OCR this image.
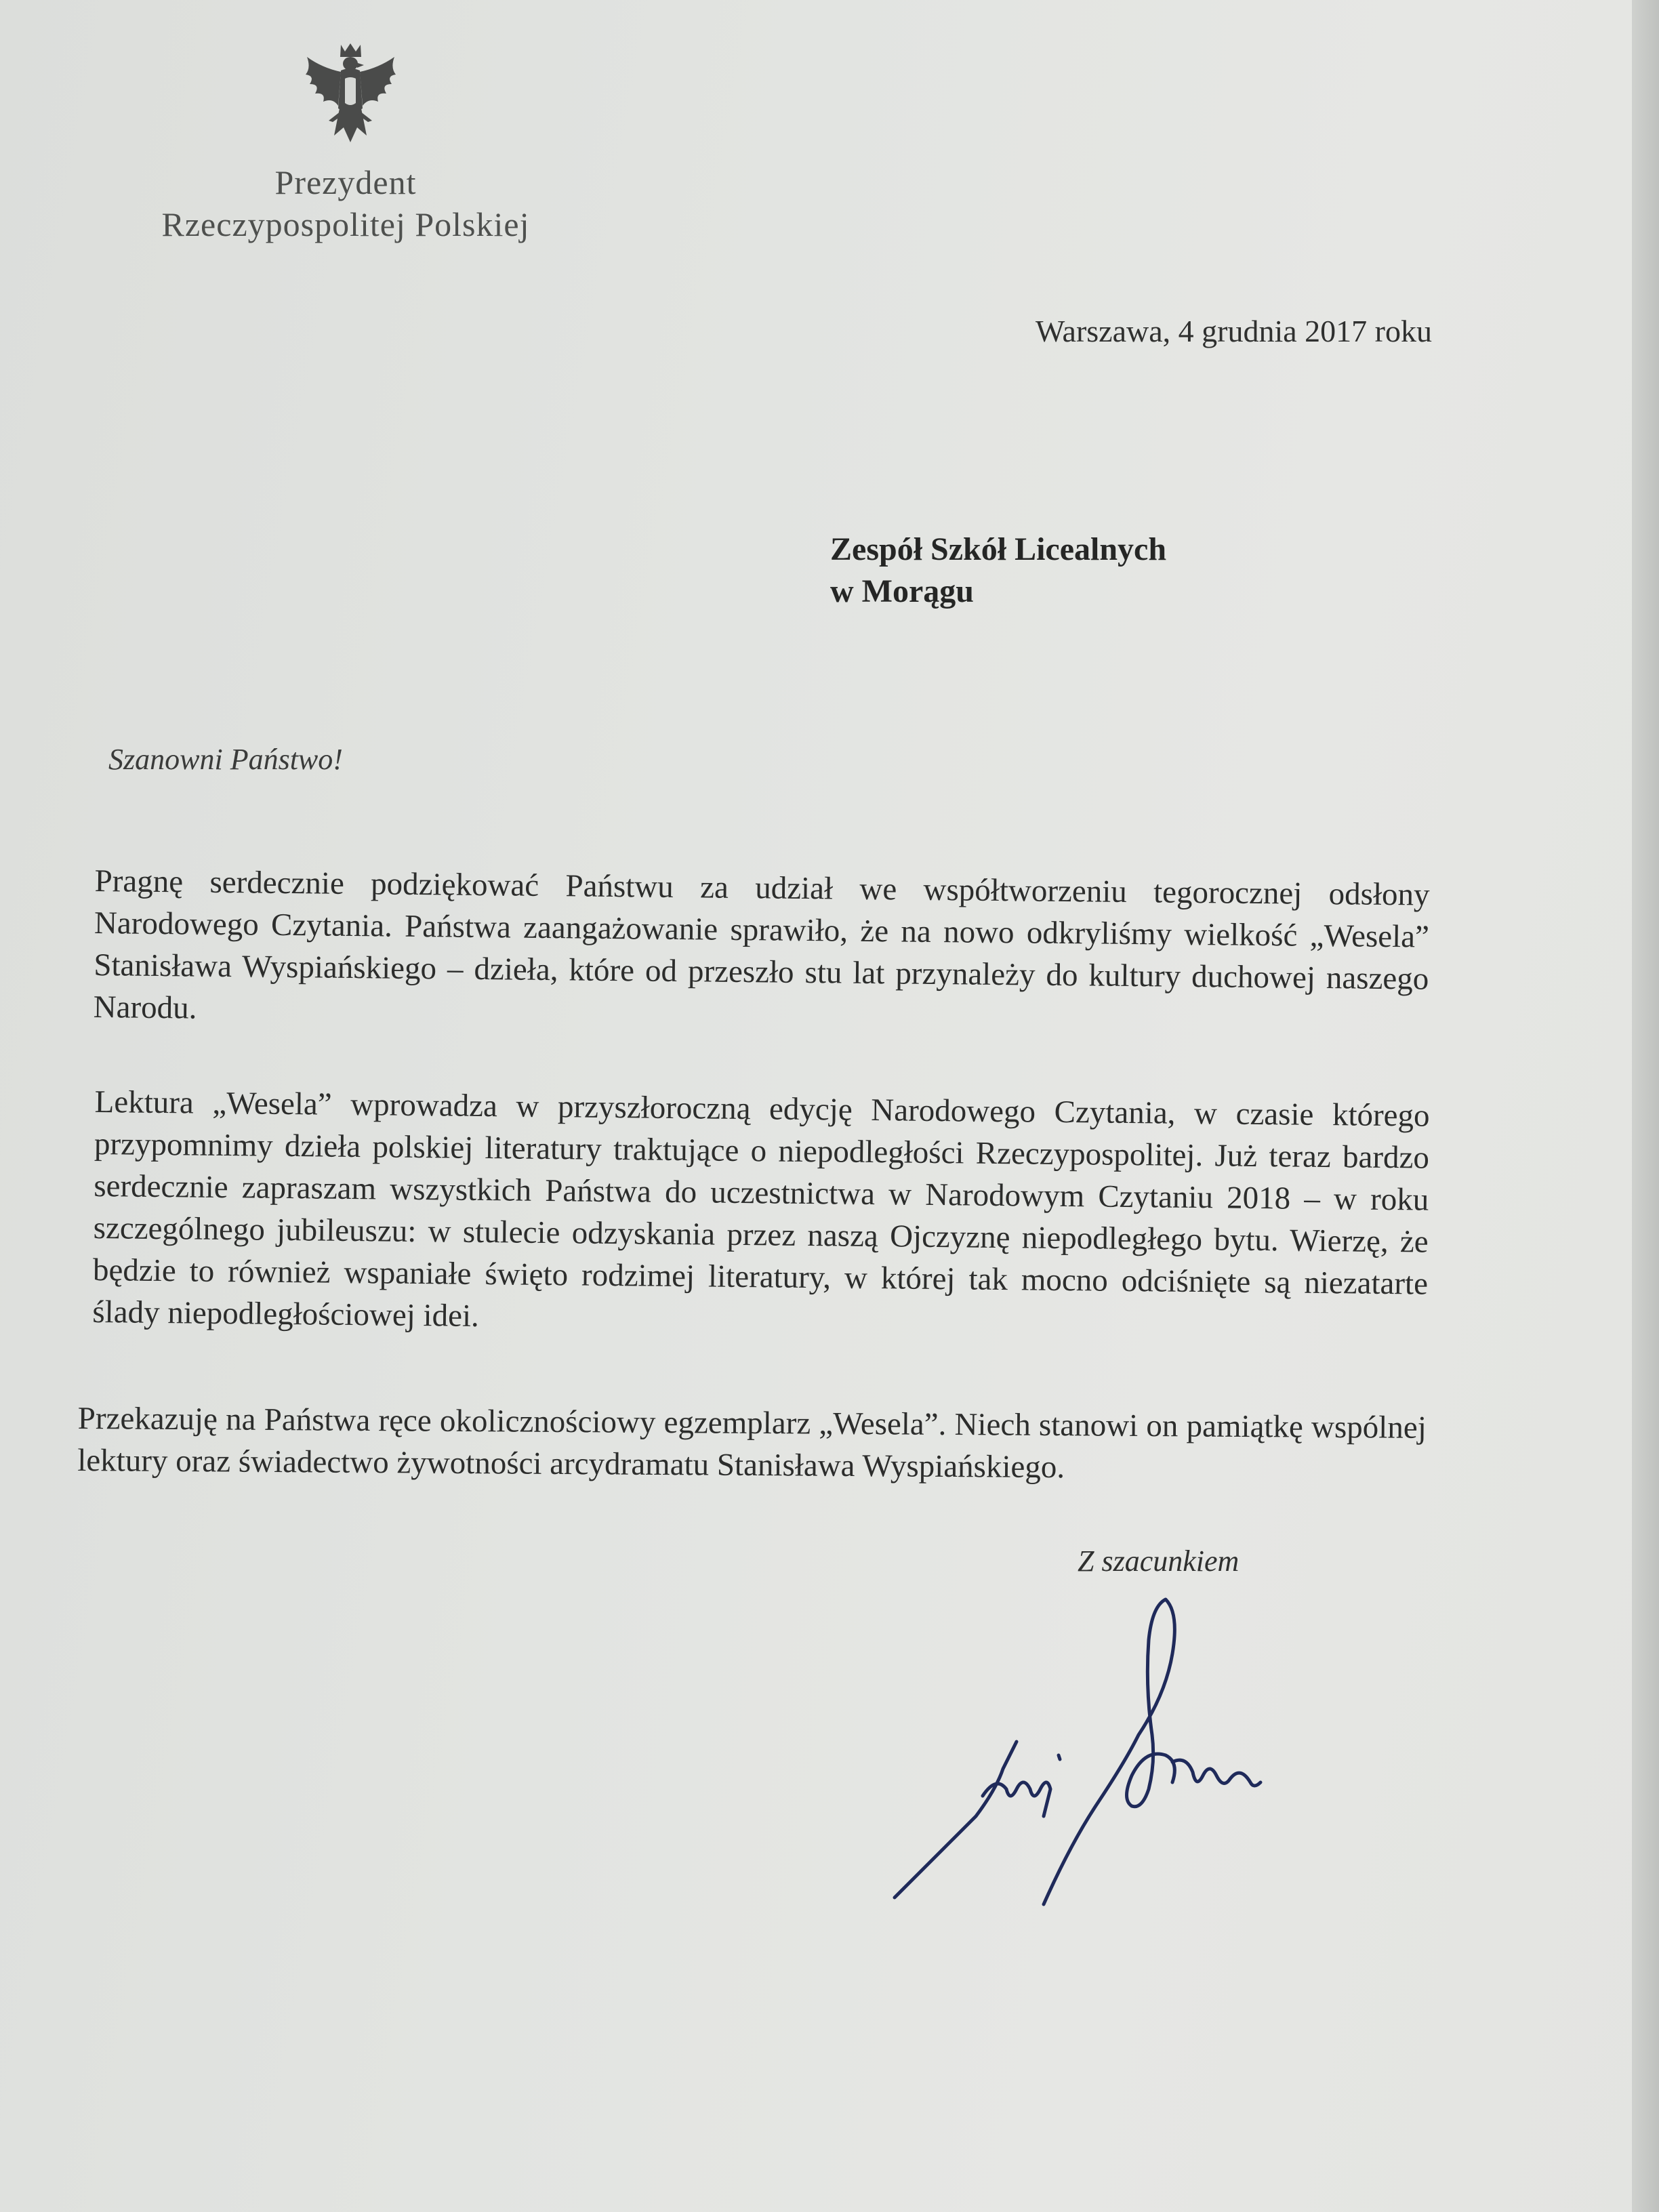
Prezydent
Rzeczypospolitej Polskiej
Warszawa, 4 grudnia 2017 roku
Zespół Szkół Licealnych
w Morągu
Szanowni Państwo!

Pragnę serdecznie podziękować Państwu za udział we współtworzeniu tegorocznej odsłony Narodowego Czytania. Państwa zaangażowanie sprawiło, że na nowo odkryliśmy wielkość „Wesela” Stanisława Wyspiańskiego – dzieła, które od przeszło stu lat przynależy do kultury duchowej naszego Narodu.

Lektura „Wesela” wprowadza w przyszłoroczną edycję Narodowego Czytania, w czasie którego przypomnimy dzieła polskiej literatury traktujące o niepodległości Rzeczypospolitej. Już teraz bardzo serdecznie zapraszam wszystkich Państwa do uczestnictwa w Narodowym Czytaniu 2018 – w roku szczególnego jubileuszu: w stulecie odzyskania przez naszą Ojczyznę niepodległego bytu. Wierzę, że będzie to również wspaniałe święto rodzimej literatury, w której tak mocno odciśnięte są niezatarte ślady niepodległościowej idei.

Przekazuję na Państwa ręce okolicznościowy egzemplarz „Wesela”. Niech stanowi on pamiątkę wspólnej lektury oraz świadectwo żywotności arcydramatu Stanisława Wyspiańskiego.

Z szacunkiem
